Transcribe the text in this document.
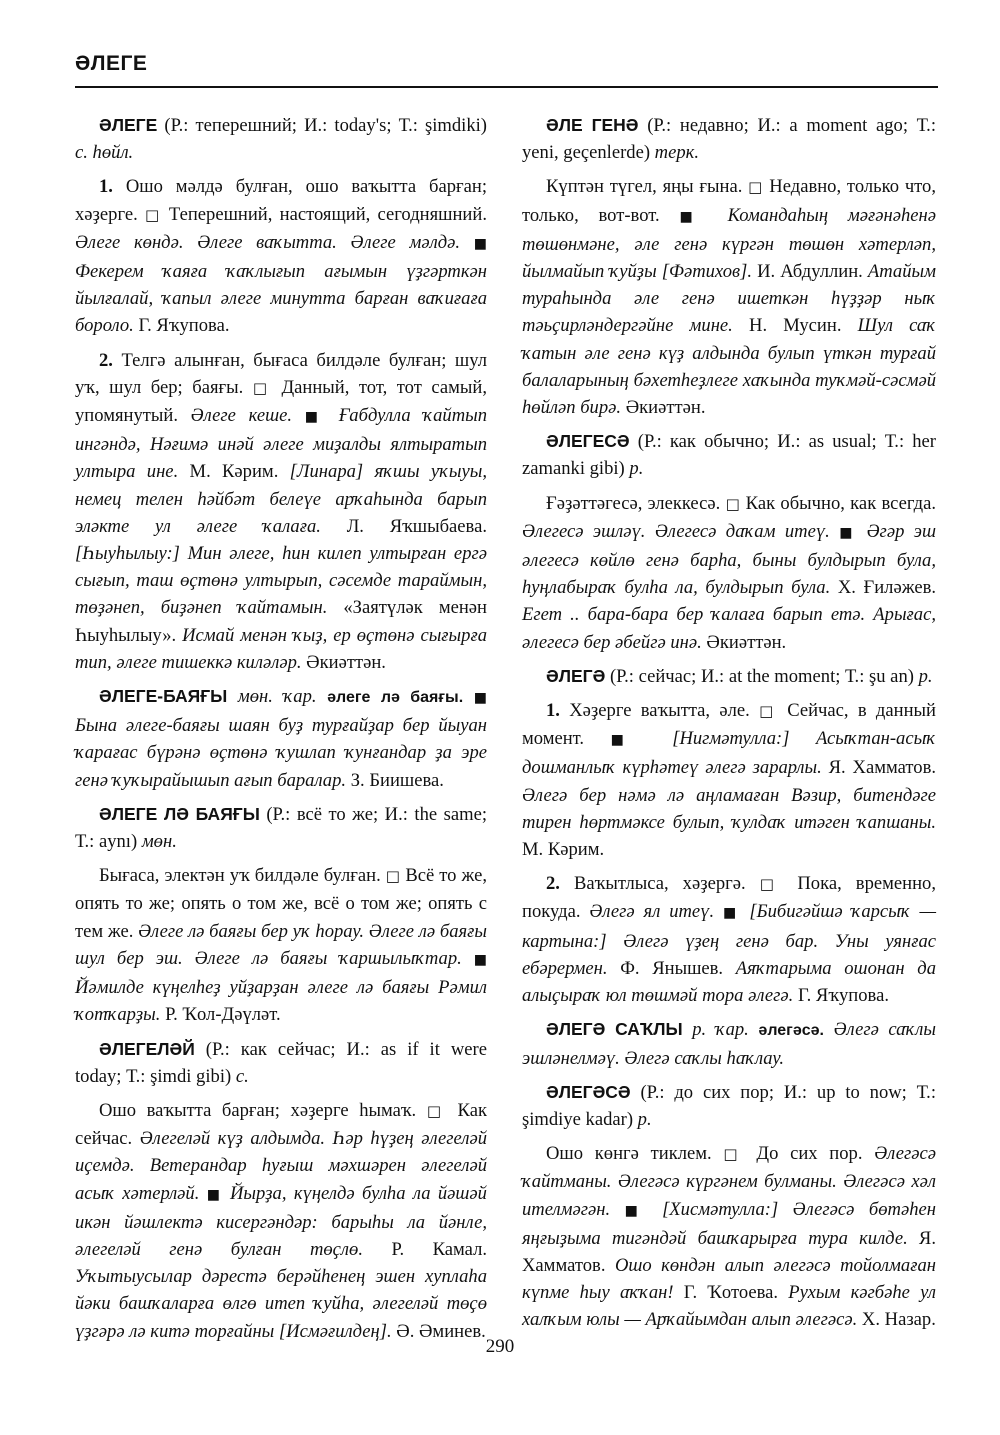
ӘЛЕГЕ

ӘЛЕГЕ (Р.: теперешний; И.: today's; Т.: şimdiki) с. һөйл.

1. Ошо мәлдә булған, ошо ваҡытта барған; хәҙерге. □ Теперешний, настоящий, сегодняшний. Әлеге көндә. Әлеге ваҡытта. Әлеге мәлдә. ■ Фекерем ҡаяға ҡаҡлығып ағымын үҙгәрткән йылғалай, ҡапыл әлеге минутта барған ваҡиғаға бороло. Г. Яҡупова.

2. Телгә алынған, бығаса билдәле булған; шул уҡ, шул бер; баяғы. □ Данный, тот, тот самый, упомянутый. Әлеге кеше. ■ Ғабдулла ҡайтып ингәндә, Нәғимә инәй әлеге миҙалды ялтыратып ултыра ине. М. Кәрим. [Линара] яҡшы уҡыуы, немец телен һәйбәт белеүе арҡаһында барып эләкте ул әлеге ҡалаға. Л. Яҡшыбаева. [Һыуһылыу:] Мин әлеге, һин килеп ултырған ергә сығып, таш өҫтөнә ултырып, сәсемде тараймын, төҙәнеп, биҙәнеп ҡайтамын. «Заятүләк менән Һыуһылыу». Исмай менән ҡыҙ, ер өҫтөнә сығырға тип, әлеге тишеккә киләләр. Әкиәттән.

ӘЛЕГЕ-БАЯҒЫ мөн. ҡар. әлеге лә баяғы. ■ Бына әлеге-баяғы шаян буҙ турғайҙар бер йыуан ҡарағас бүрәнә өҫтөнә ҡушлап ҡунғандар ҙа эре генә ҡуҡырайышып ағып баралар. З. Биишева.

ӘЛЕГЕ ЛӘ БАЯҒЫ (Р.: всё то же; И.: the same; Т.: aynı) мөн.

Бығаса, электән уҡ билдәле булған. □ Всё то же, опять то же; опять о том же, всё о том же; опять с тем же. Әлеге лә баяғы бер уҡ һорау. Әлеге лә баяғы шул бер эш. Әлеге лә баяғы ҡаршылыҡтар. ■ Йәмилде күңелһеҙ уйҙарҙан әлеге лә баяғы Рәмил ҡотҡарҙы. Р. Ҡол-Дәүләт.

ӘЛЕГЕЛӘЙ (Р.: как сейчас; И.: as if it were today; Т.: şimdi gibi) с.

Ошо ваҡытта барған; хәҙерге һымаҡ. □ Как сейчас. Әлегеләй күҙ алдымда. Һәр һүҙең әлегеләй иҫемдә. Ветерандар һуғыш мәхшәрен әлегеләй асыҡ хәтерләй. ■ Йырҙа, күңелдә булһа ла йәшәй икән йәшлектә кисергәндәр: барыһы ла йәнле, әлегеләй генә булған төҫлө. Р. Камал. Уҡытыусылар дәрестә берәйһенең эшен хуплаһа йәки башҡаларға өлгө итеп ҡуйһа, әлегеләй төҫө үҙгәрә лә китә торғайны [Исмәғилдең]. Ә. Әминев.

ӘЛЕ ГЕНӘ (Р.: недавно; И.: a moment ago; Т.: yeni, geçenlerde) терк.

Күптән түгел, яңы ғына. □ Недавно, только что, только, вот-вот. ■ Командаһың мәғәнәһенә төшөнмәне, әле генә күргән төшөн хәтерләп, йылмайып ҡуйҙы [Фәтихов]. И. Абдуллин. Атайым тураһында әле генә ишеткән һүҙҙәр ныҡ тәьҫирләндергәйне мине. Н. Мусин. Шул саҡ ҡатын әле генә күҙ алдында булып үткән турғай балаларының бәхетһеҙлеге хаҡында туҡмәй-сәсмәй һөйләп бирә. Әкиәттән.

ӘЛЕГЕСӘ (Р.: как обычно; И.: as usual; Т.: her zamanki gibi) р.

Ғәҙәттәгесә, элеккесә. □ Как обычно, как всегда. Әлегесә эшләү. Әлегесә даҡам итеү. ■ Әгәр эш әлегесә көйлө генә барһа, быны булдырып була, һуңлабыраҡ булһа ла, булдырып була. Х. Ғиләжев. Егет .. бара-бара бер ҡалаға барып етә. Арығас, әлегесә бер әбейгә инә. Әкиәттән.

ӘЛЕГӘ (Р.: сейчас; И.: at the moment; Т.: şu an) р.

1. Хәҙерге ваҡытта, әле. □ Сейчас, в данный момент. ■ [Нигмәтулла:] Асыҡтан-асыҡ дошманлыҡ күрһәтеү әлегә зарарлы. Я. Хамматов. Әлегә бер нәмә лә аңламаған Вәзир, битендәге тирен һөртмәксе булып, ҡулдаҡ итәген ҡапшаны. М. Кәрим.

2. Ваҡытлыса, хәҙергә. □ Пока, временно, покуда. Әлегә ял итеү. ■ [Бибигәйшә ҡарсыҡ — картына:] Әлегә үҙең генә бар. Уны уянғас ебәрермен. Ф. Янышев. Аяҡтарыма ошонан да алыҫыраҡ юл төшмәй тора әлегә. Г. Яҡупова.

ӘЛЕГӘ САҠЛЫ р. ҡар. әлегәсә. Әлегә саҡлы эшләнелмәү. Әлегә саҡлы һаҡлау.

ӘЛЕГӘСӘ (Р.: до сих пор; И.: up to now; Т.: şimdiye kadar) р.

Ошо көнгә тиклем. □ До сих пор. Әлегәсә ҡайтманы. Әлегәсә күргәнем булманы. Әлегәсә хәл ителмәгән. ■ [Хисмәтулла:] Әлегәсә бөтәһен яңғыҙыма тигәндәй башҡарырға тура килде. Я. Хамматов. Ошо көндән алып әлегәсә тойолмаған күпме һыу аҡҡан! Г. Ҡотоева. Рухым кәгбәһе ул халҡым юлы — Арҡайымдан алып әлегәсә. Х. Назар.

290
